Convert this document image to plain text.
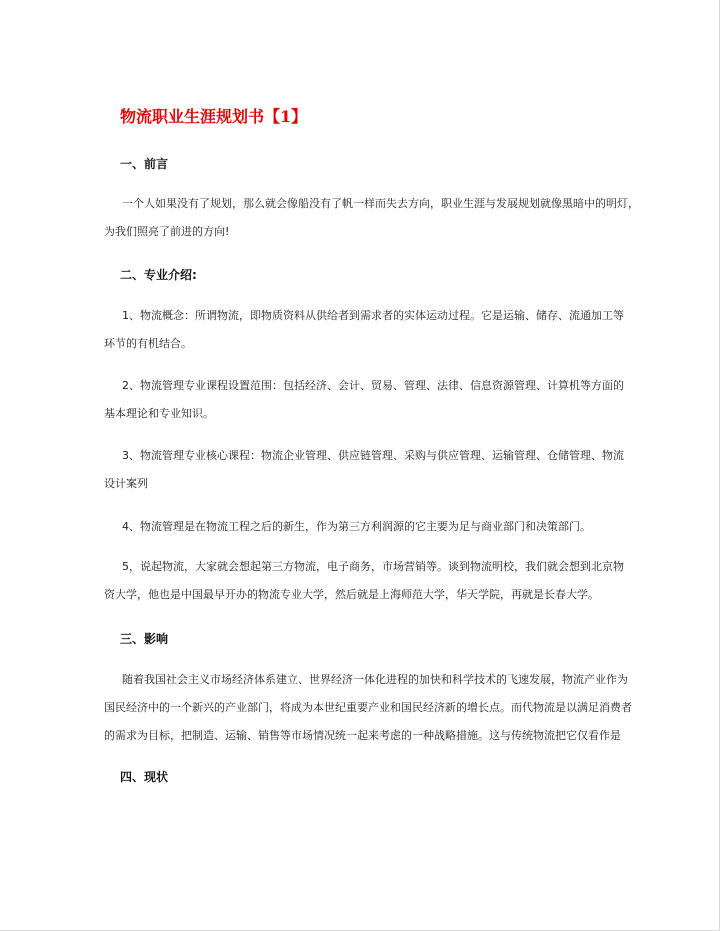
物流职业生涯规划书【1】
一、前言
一个人如果没有了规划，那么就会像船没有了帆一样而失去方向，职业生涯与发展规划就像黑暗中的明灯，
为我们照亮了前进的方向!
二、专业介绍:
1、物流概念：所谓物流，即物质资料从供给者到需求者的实体运动过程。它是运输、储存、流通加工等
环节的有机结合。
2、物流管理专业课程设置范围：包括经济、会计、贸易、管理、法律、信息资源管理、计算机等方面的
基本理论和专业知识。
3、物流管理专业核心课程：物流企业管理、供应链管理、采购与供应管理、运输管理、仓储管理、物流
设计案列
4、物流管理是在物流工程之后的新生，作为第三方利润源的它主要为足与商业部门和决策部门。
5，说起物流，大家就会想起第三方物流，电子商务，市场营销等。谈到物流明校，我们就会想到北京物
资大学，他也是中国最早开办的物流专业大学，然后就是上海师范大学，华天学院，再就是长春大学。
三、影响
随着我国社会主义市场经济体系建立、世界经济一体化进程的加快和科学技术的飞速发展，物流产业作为
国民经济中的一个新兴的产业部门，将成为本世纪重要产业和国民经济新的增长点。而代物流是以满足消费者
的需求为目标，把制造、运输、销售等市场情况统一起来考虑的一种战略措施。这与传统物流把它仅看作是
四、现状
